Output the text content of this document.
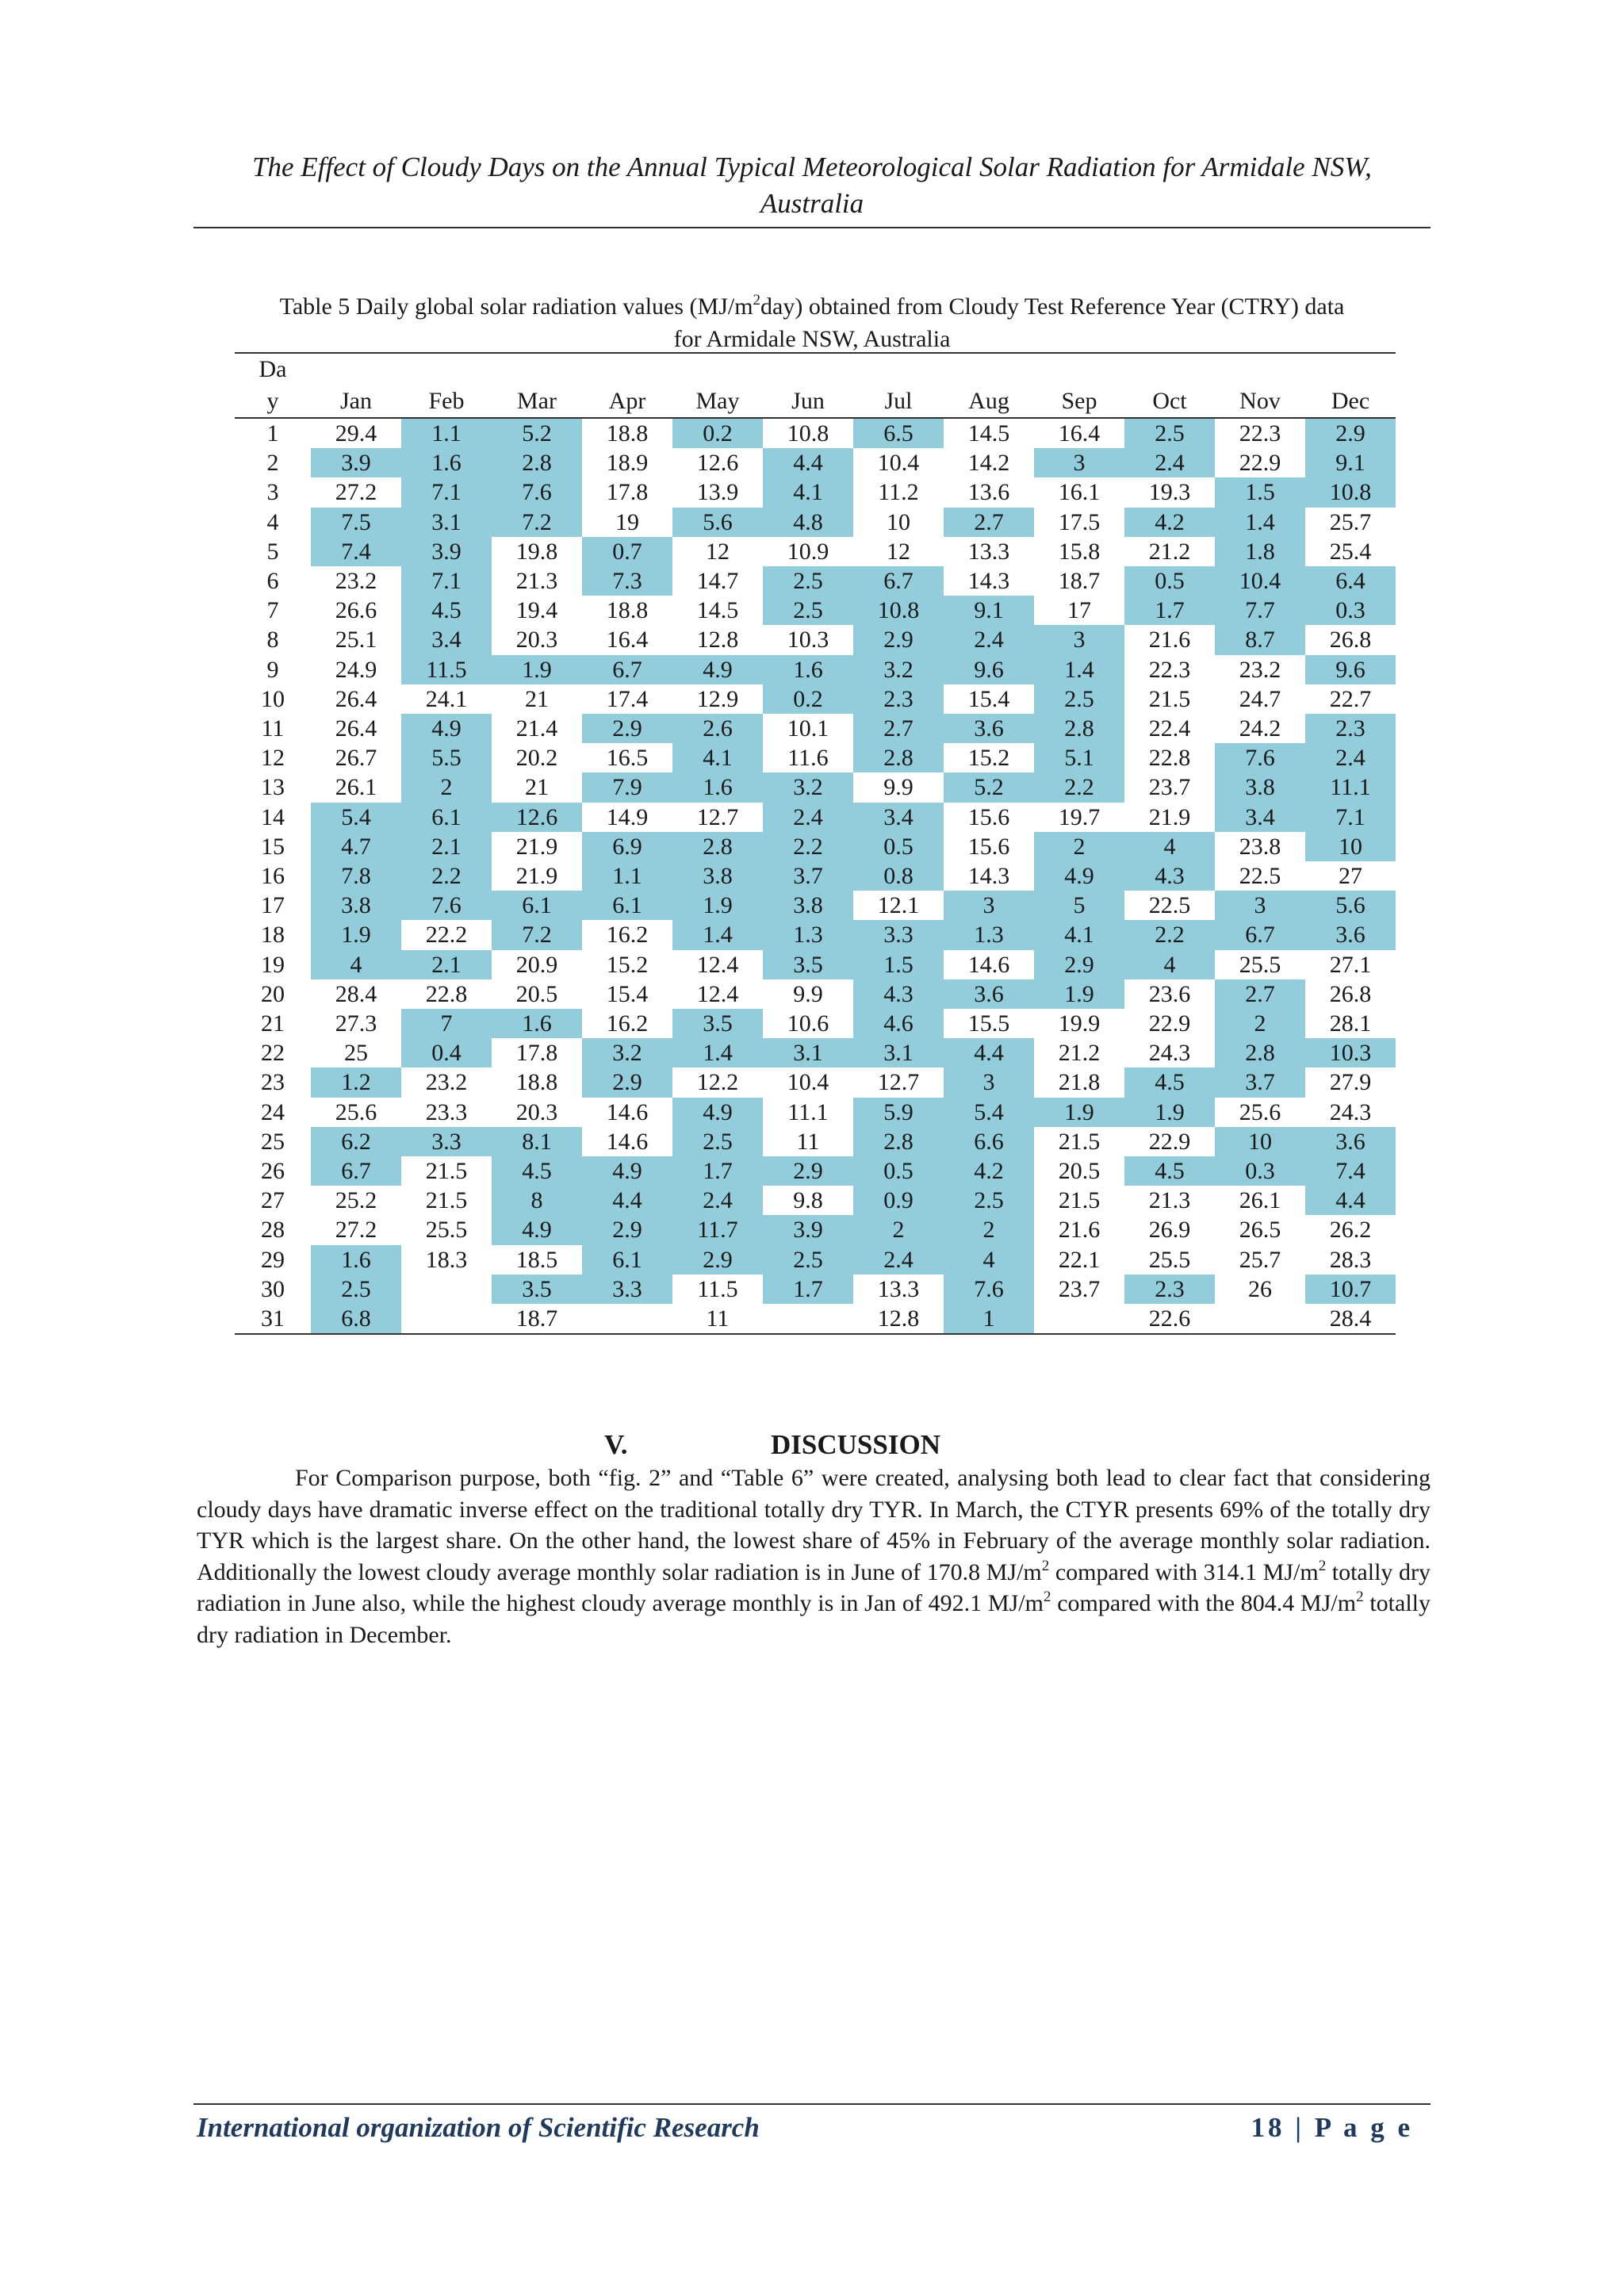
The Effect of Cloudy Days on the Annual Typical Meteorological Solar Radiation for Armidale NSW,
Australia
Table 5 Daily global solar radiation values $(MJ/m^2day)$ obtained from Cloudy Test Reference Year (CTRY) data
for Armidale NSW, Australia
Da
y	Jan	Feb	Mar	Apr	May	Jun	Jul	Aug	Sep	Oct	Nov	Dec
1	29.4	1.1	5.2	18.8	0.2	10.8	6.5	14.5	16.4	2.5	22.3	2.9
2	3.9	1.6	2.8	18.9	12.6	4.4	10.4	14.2	3	2.4	22.9	9.1
3	27.2	7.1	7.6	17.8	13.9	4.1	11.2	13.6	16.1	19.3	1.5	10.8
4	7.5	3.1	7.2	19	5.6	4.8	10	2.7	17.5	4.2	1.4	25.7
5	7.4	3.9	19.8	0.7	12	10.9	12	13.3	15.8	21.2	1.8	25.4
6	23.2	7.1	21.3	7.3	14.7	2.5	6.7	14.3	18.7	0.5	10.4	6.4
7	26.6	4.5	19.4	18.8	14.5	2.5	10.8	9.1	17	1.7	7.7	0.3
8	25.1	3.4	20.3	16.4	12.8	10.3	2.9	2.4	3	21.6	8.7	26.8
9	24.9	11.5	1.9	6.7	4.9	1.6	3.2	9.6	1.4	22.3	23.2	9.6
10	26.4	24.1	21	17.4	12.9	0.2	2.3	15.4	2.5	21.5	24.7	22.7
11	26.4	4.9	21.4	2.9	2.6	10.1	2.7	3.6	2.8	22.4	24.2	2.3
12	26.7	5.5	20.2	16.5	4.1	11.6	2.8	15.2	5.1	22.8	7.6	2.4
13	26.1	2	21	7.9	1.6	3.2	9.9	5.2	2.2	23.7	3.8	11.1
14	5.4	6.1	12.6	14.9	12.7	2.4	3.4	15.6	19.7	21.9	3.4	7.1
15	4.7	2.1	21.9	6.9	2.8	2.2	0.5	15.6	2	4	23.8	10
16	7.8	2.2	21.9	1.1	3.8	3.7	0.8	14.3	4.9	4.3	22.5	27
17	3.8	7.6	6.1	6.1	1.9	3.8	12.1	3	5	22.5	3	5.6
18	1.9	22.2	7.2	16.2	1.4	1.3	3.3	1.3	4.1	2.2	6.7	3.6
19	4	2.1	20.9	15.2	12.4	3.5	1.5	14.6	2.9	4	25.5	27.1
20	28.4	22.8	20.5	15.4	12.4	9.9	4.3	3.6	1.9	23.6	2.7	26.8
21	27.3	7	1.6	16.2	3.5	10.6	4.6	15.5	19.9	22.9	2	28.1
22	25	0.4	17.8	3.2	1.4	3.1	3.1	4.4	21.2	24.3	2.8	10.3
23	1.2	23.2	18.8	2.9	12.2	10.4	12.7	3	21.8	4.5	3.7	27.9
24	25.6	23.3	20.3	14.6	4.9	11.1	5.9	5.4	1.9	1.9	25.6	24.3
25	6.2	3.3	8.1	14.6	2.5	11	2.8	6.6	21.5	22.9	10	3.6
26	6.7	21.5	4.5	4.9	1.7	2.9	0.5	4.2	20.5	4.5	0.3	7.4
27	25.2	21.5	8	4.4	2.4	9.8	0.9	2.5	21.5	21.3	26.1	4.4
28	27.2	25.5	4.9	2.9	11.7	3.9	2	2	21.6	26.9	26.5	26.2
29	1.6	18.3	18.5	6.1	2.9	2.5	2.4	4	22.1	25.5	25.7	28.3
30	2.5		3.5	3.3	11.5	1.7	13.3	7.6	23.7	2.3	26	10.7
31	6.8		18.7		11		12.8	1		22.6		28.4
V.	DISCUSSION

For Comparison purpose, both “fig. 2” and “Table 6” were created, analysing both lead to clear fact that considering cloudy days have dramatic inverse effect on the traditional totally dry TYR. In March, the CTYR presents 69% of the totally dry TYR which is the largest share. On the other hand, the lowest share of 45% in February of the average monthly solar radiation. Additionally the lowest cloudy average monthly solar radiation is in June of 170.8 $MJ/m^2$ compared with 314.1 $MJ/m^2$ totally dry radiation in June also, while the highest cloudy average monthly is in Jan of 492.1 $MJ/m^2$ compared with the 804.4 $MJ/m^2$ totally dry radiation in December.

International organization of Scientific Research	18 | P a g e
